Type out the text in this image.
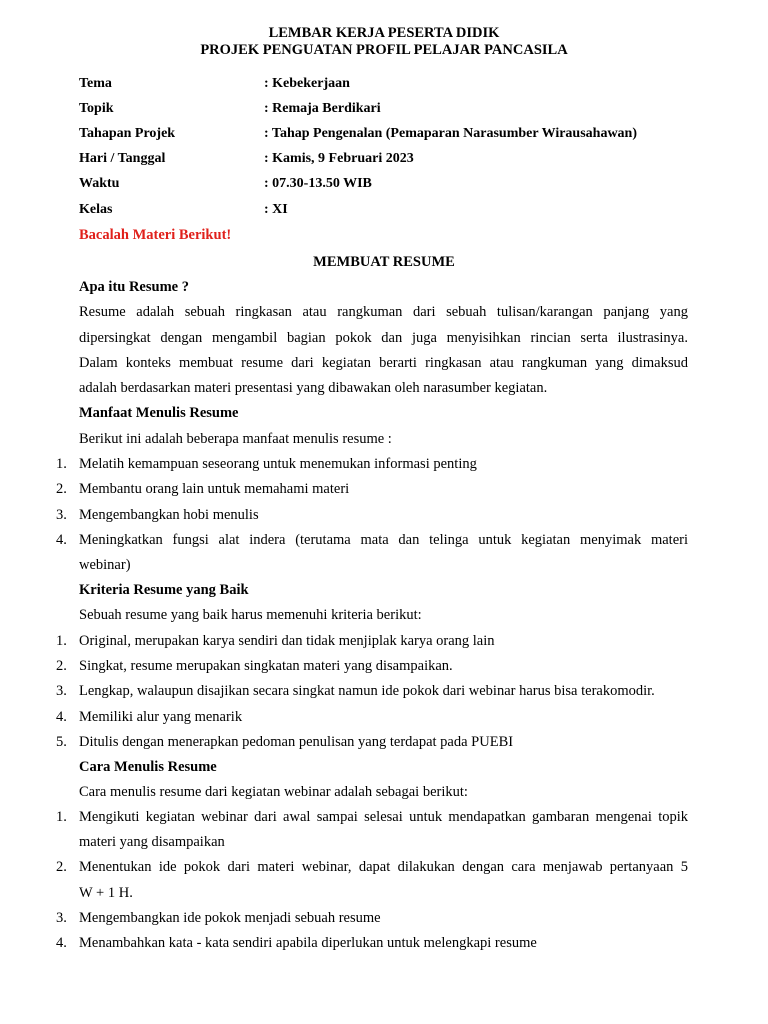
LEMBAR KERJA PESERTA DIDIK
PROJEK PENGUATAN PROFIL PELAJAR PANCASILA
Tema	: Kebekerjaan
Topik	: Remaja Berdikari
Tahapan Projek	: Tahap Pengenalan (Pemaparan Narasumber Wirausahawan)
Hari / Tanggal	: Kamis, 9 Februari 2023
Waktu	: 07.30-13.50 WIB
Kelas	: XI
Bacalah Materi Berikut!
MEMBUAT RESUME
Apa itu Resume ?
Resume adalah sebuah ringkasan atau rangkuman dari sebuah tulisan/karangan panjang yang
dipersingkat dengan mengambil bagian pokok dan juga menyisihkan rincian serta ilustrasinya.
Dalam konteks membuat resume dari kegiatan berarti ringkasan atau rangkuman yang dimaksud
adalah berdasarkan materi presentasi yang dibawakan oleh narasumber kegiatan.
Manfaat Menulis Resume
Berikut ini adalah beberapa manfaat menulis resume :
1. Melatih kemampuan seseorang untuk menemukan informasi penting
2. Membantu orang lain untuk memahami materi
3. Mengembangkan hobi menulis
4. Meningkatkan fungsi alat indera (terutama mata dan telinga untuk kegiatan menyimak materi
webinar)
Kriteria Resume yang Baik
Sebuah resume yang baik harus memenuhi kriteria berikut:
1. Original, merupakan karya sendiri dan tidak menjiplak karya orang lain
2. Singkat, resume merupakan singkatan materi yang disampaikan.
3. Lengkap, walaupun disajikan secara singkat namun ide pokok dari webinar harus bisa terakomodir.
4. Memiliki alur yang menarik
5. Ditulis dengan menerapkan pedoman penulisan yang terdapat pada PUEBI
Cara Menulis Resume
Cara menulis resume dari kegiatan webinar adalah sebagai berikut:
1. Mengikuti kegiatan webinar dari awal sampai selesai untuk mendapatkan gambaran mengenai topik
materi yang disampaikan
2. Menentukan ide pokok dari materi webinar, dapat dilakukan dengan cara menjawab pertanyaan 5
W + 1 H.
3. Mengembangkan ide pokok menjadi sebuah resume
4. Menambahkan kata - kata sendiri apabila diperlukan untuk melengkapi resume
